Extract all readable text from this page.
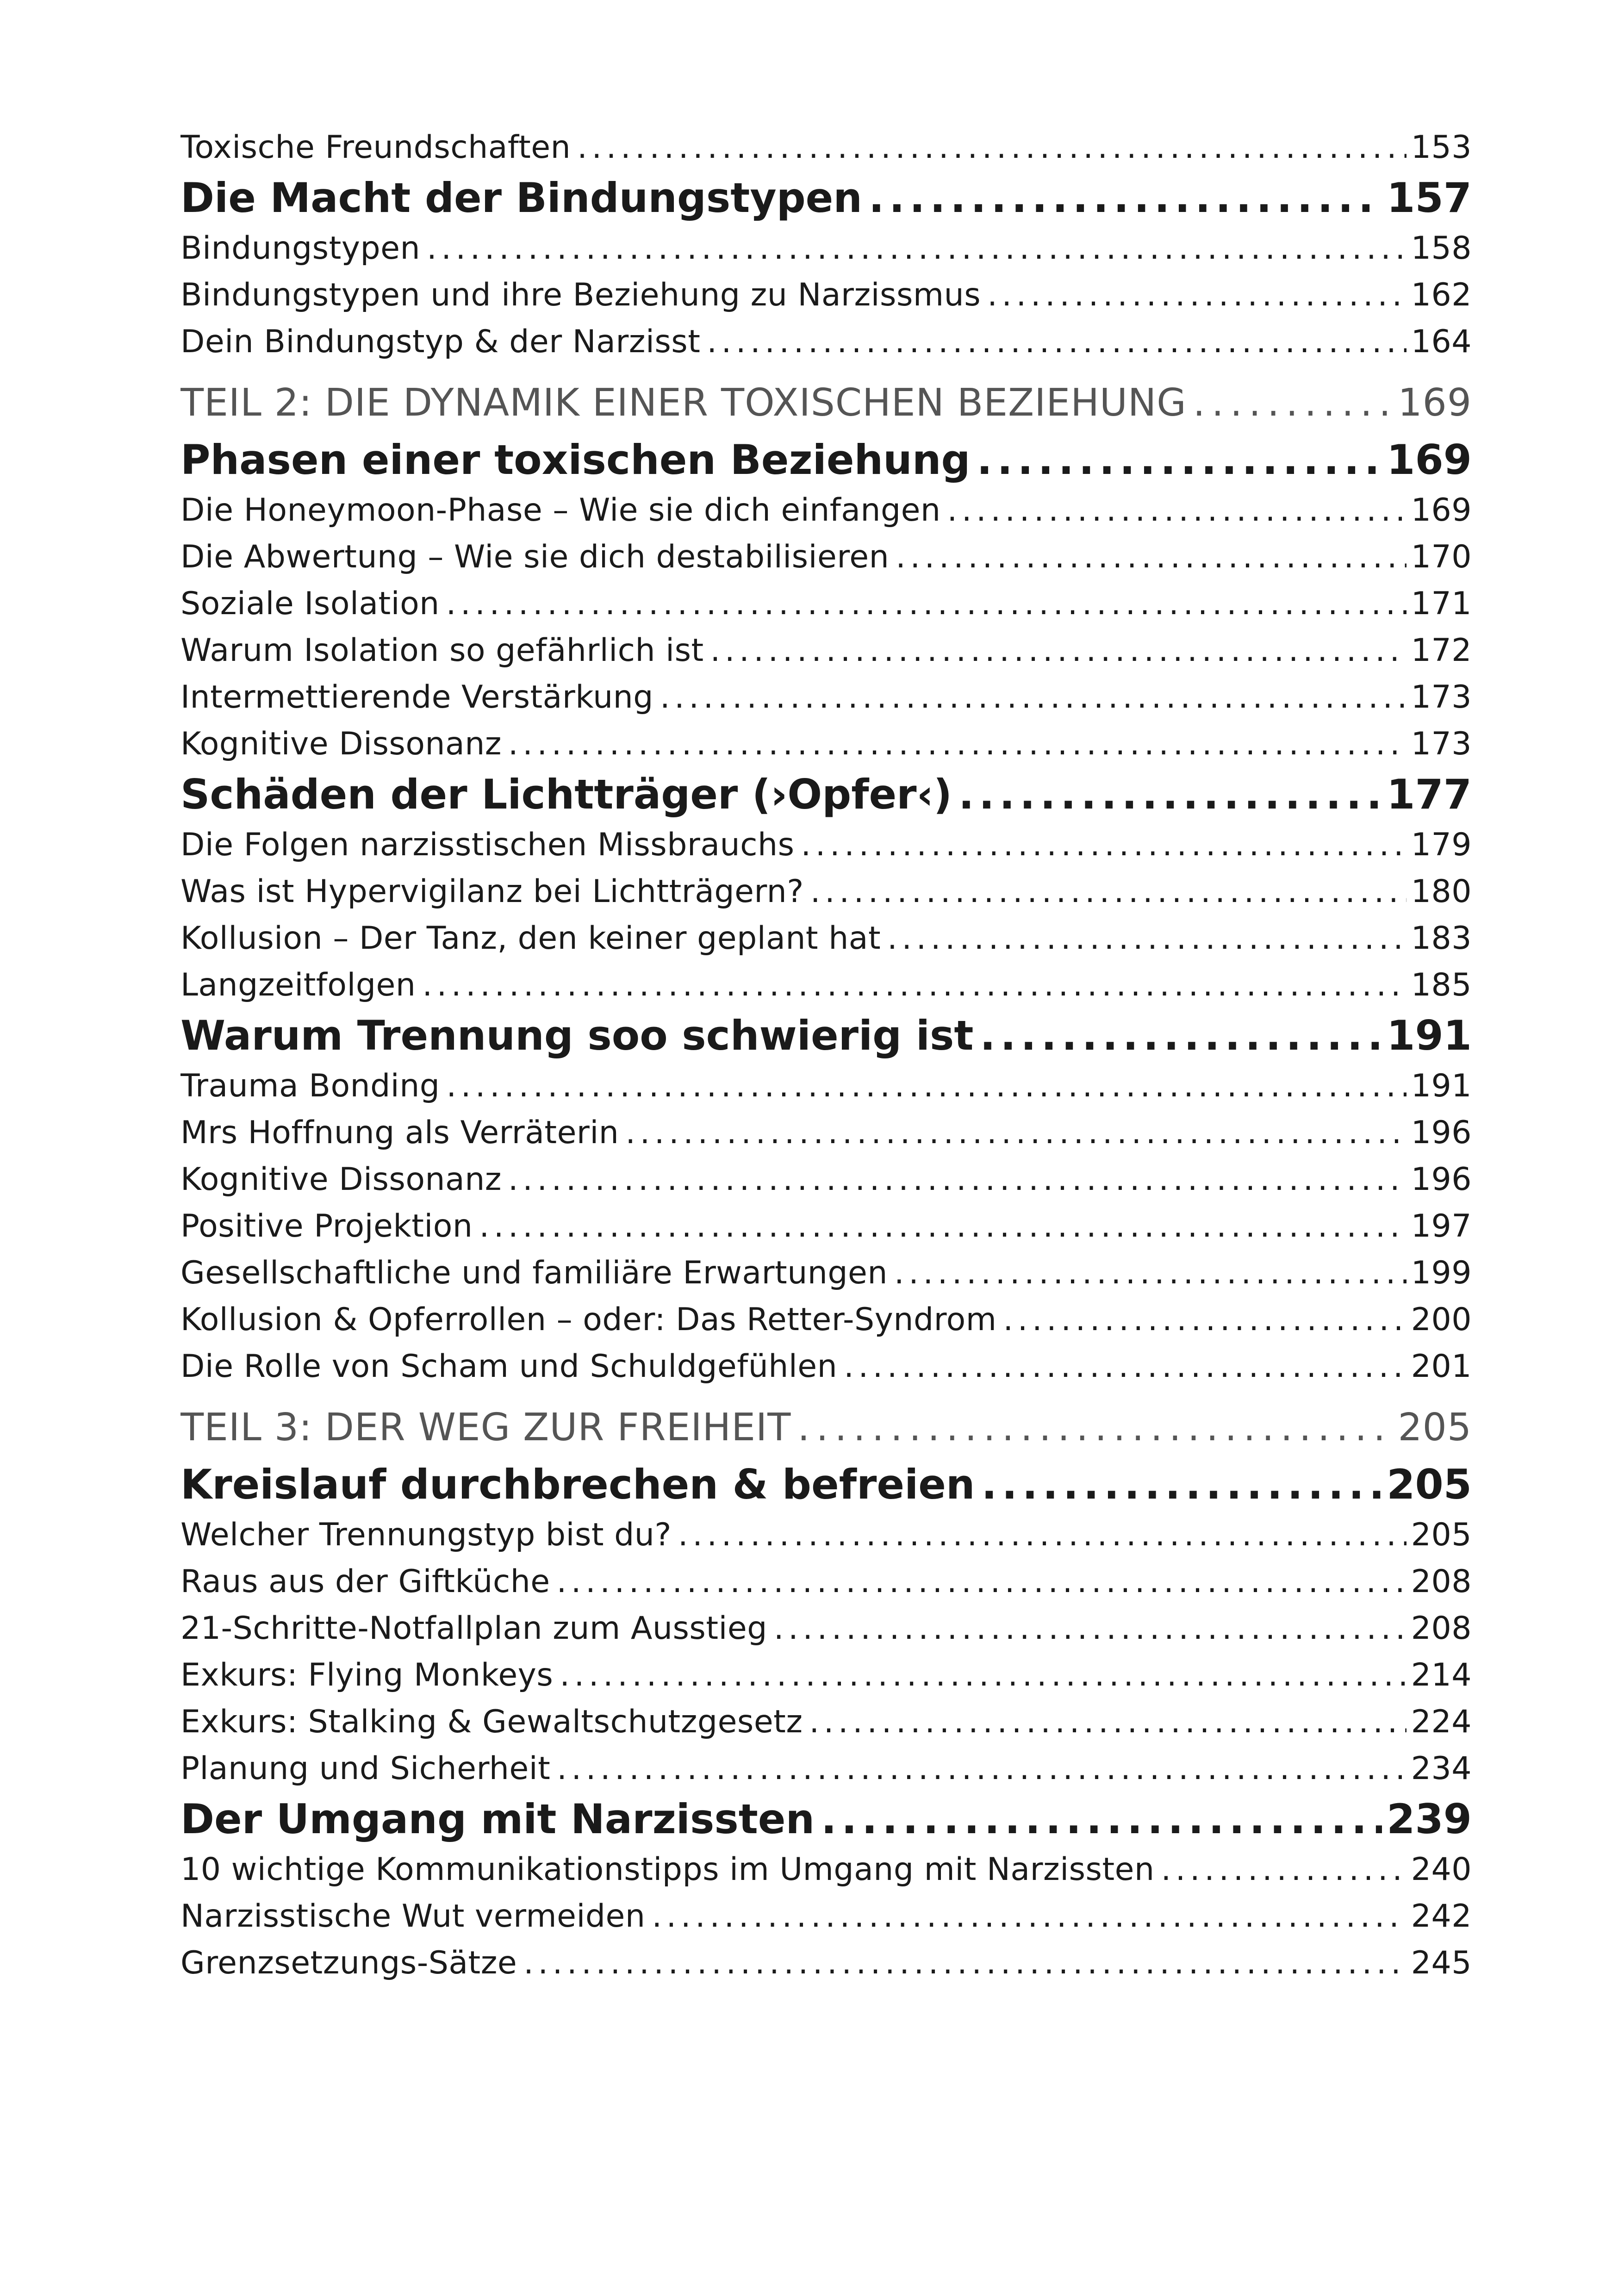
Toxische Freundschaften . . .	153
Die Macht der Bindungstypen . . .	157
Bindungstypen . . .	158
Bindungstypen und ihre Beziehung zu Narzissmus . . .	162
Dein Bindungstyp & der Narzisst . . .	164
TEIL 2: DIE DYNAMIK EINER TOXISCHEN BEZIEHUNG . . .	169
Phasen einer toxischen Beziehung . . .	169
Die Honeymoon-Phase – Wie sie dich einfangen . . .	169
Die Abwertung – Wie sie dich destabilisieren . . .	170
Soziale Isolation . . .	171
Warum Isolation so gefährlich ist . . .	172
Intermettierende Verstärkung . . .	173
Kognitive Dissonanz . . .	173
Schäden der Lichtträger (›Opfer‹) . . .	177
Die Folgen narzisstischen Missbrauchs . . .	179
Was ist Hypervigilanz bei Lichtträgern? . . .	180
Kollusion – Der Tanz, den keiner geplant hat . . .	183
Langzeitfolgen . . .	185
Warum Trennung soo schwierig ist . . .	191
Trauma Bonding . . .	191
Mrs Hoffnung als Verräterin . . .	196
Kognitive Dissonanz . . .	196
Positive Projektion . . .	197
Gesellschaftliche und familiäre Erwartungen . . .	199
Kollusion & Opferrollen – oder: Das Retter-Syndrom . . .	200
Die Rolle von Scham und Schuldgefühlen . . .	201
TEIL 3: DER WEG ZUR FREIHEIT . . .	205
Kreislauf durchbrechen & befreien . . .	205
Welcher Trennungstyp bist du? . . .	205
Raus aus der Giftküche . . .	208
21-Schritte-Notfallplan zum Ausstieg . . .	208
Exkurs: Flying Monkeys . . .	214
Exkurs: Stalking & Gewaltschutzgesetz . . .	224
Planung und Sicherheit . . .	234
Der Umgang mit Narzissten . . .	239
10 wichtige Kommunikationstipps im Umgang mit Narzissten . . .	240
Narzisstische Wut vermeiden . . .	242
Grenzsetzungs-Sätze . . .	245
